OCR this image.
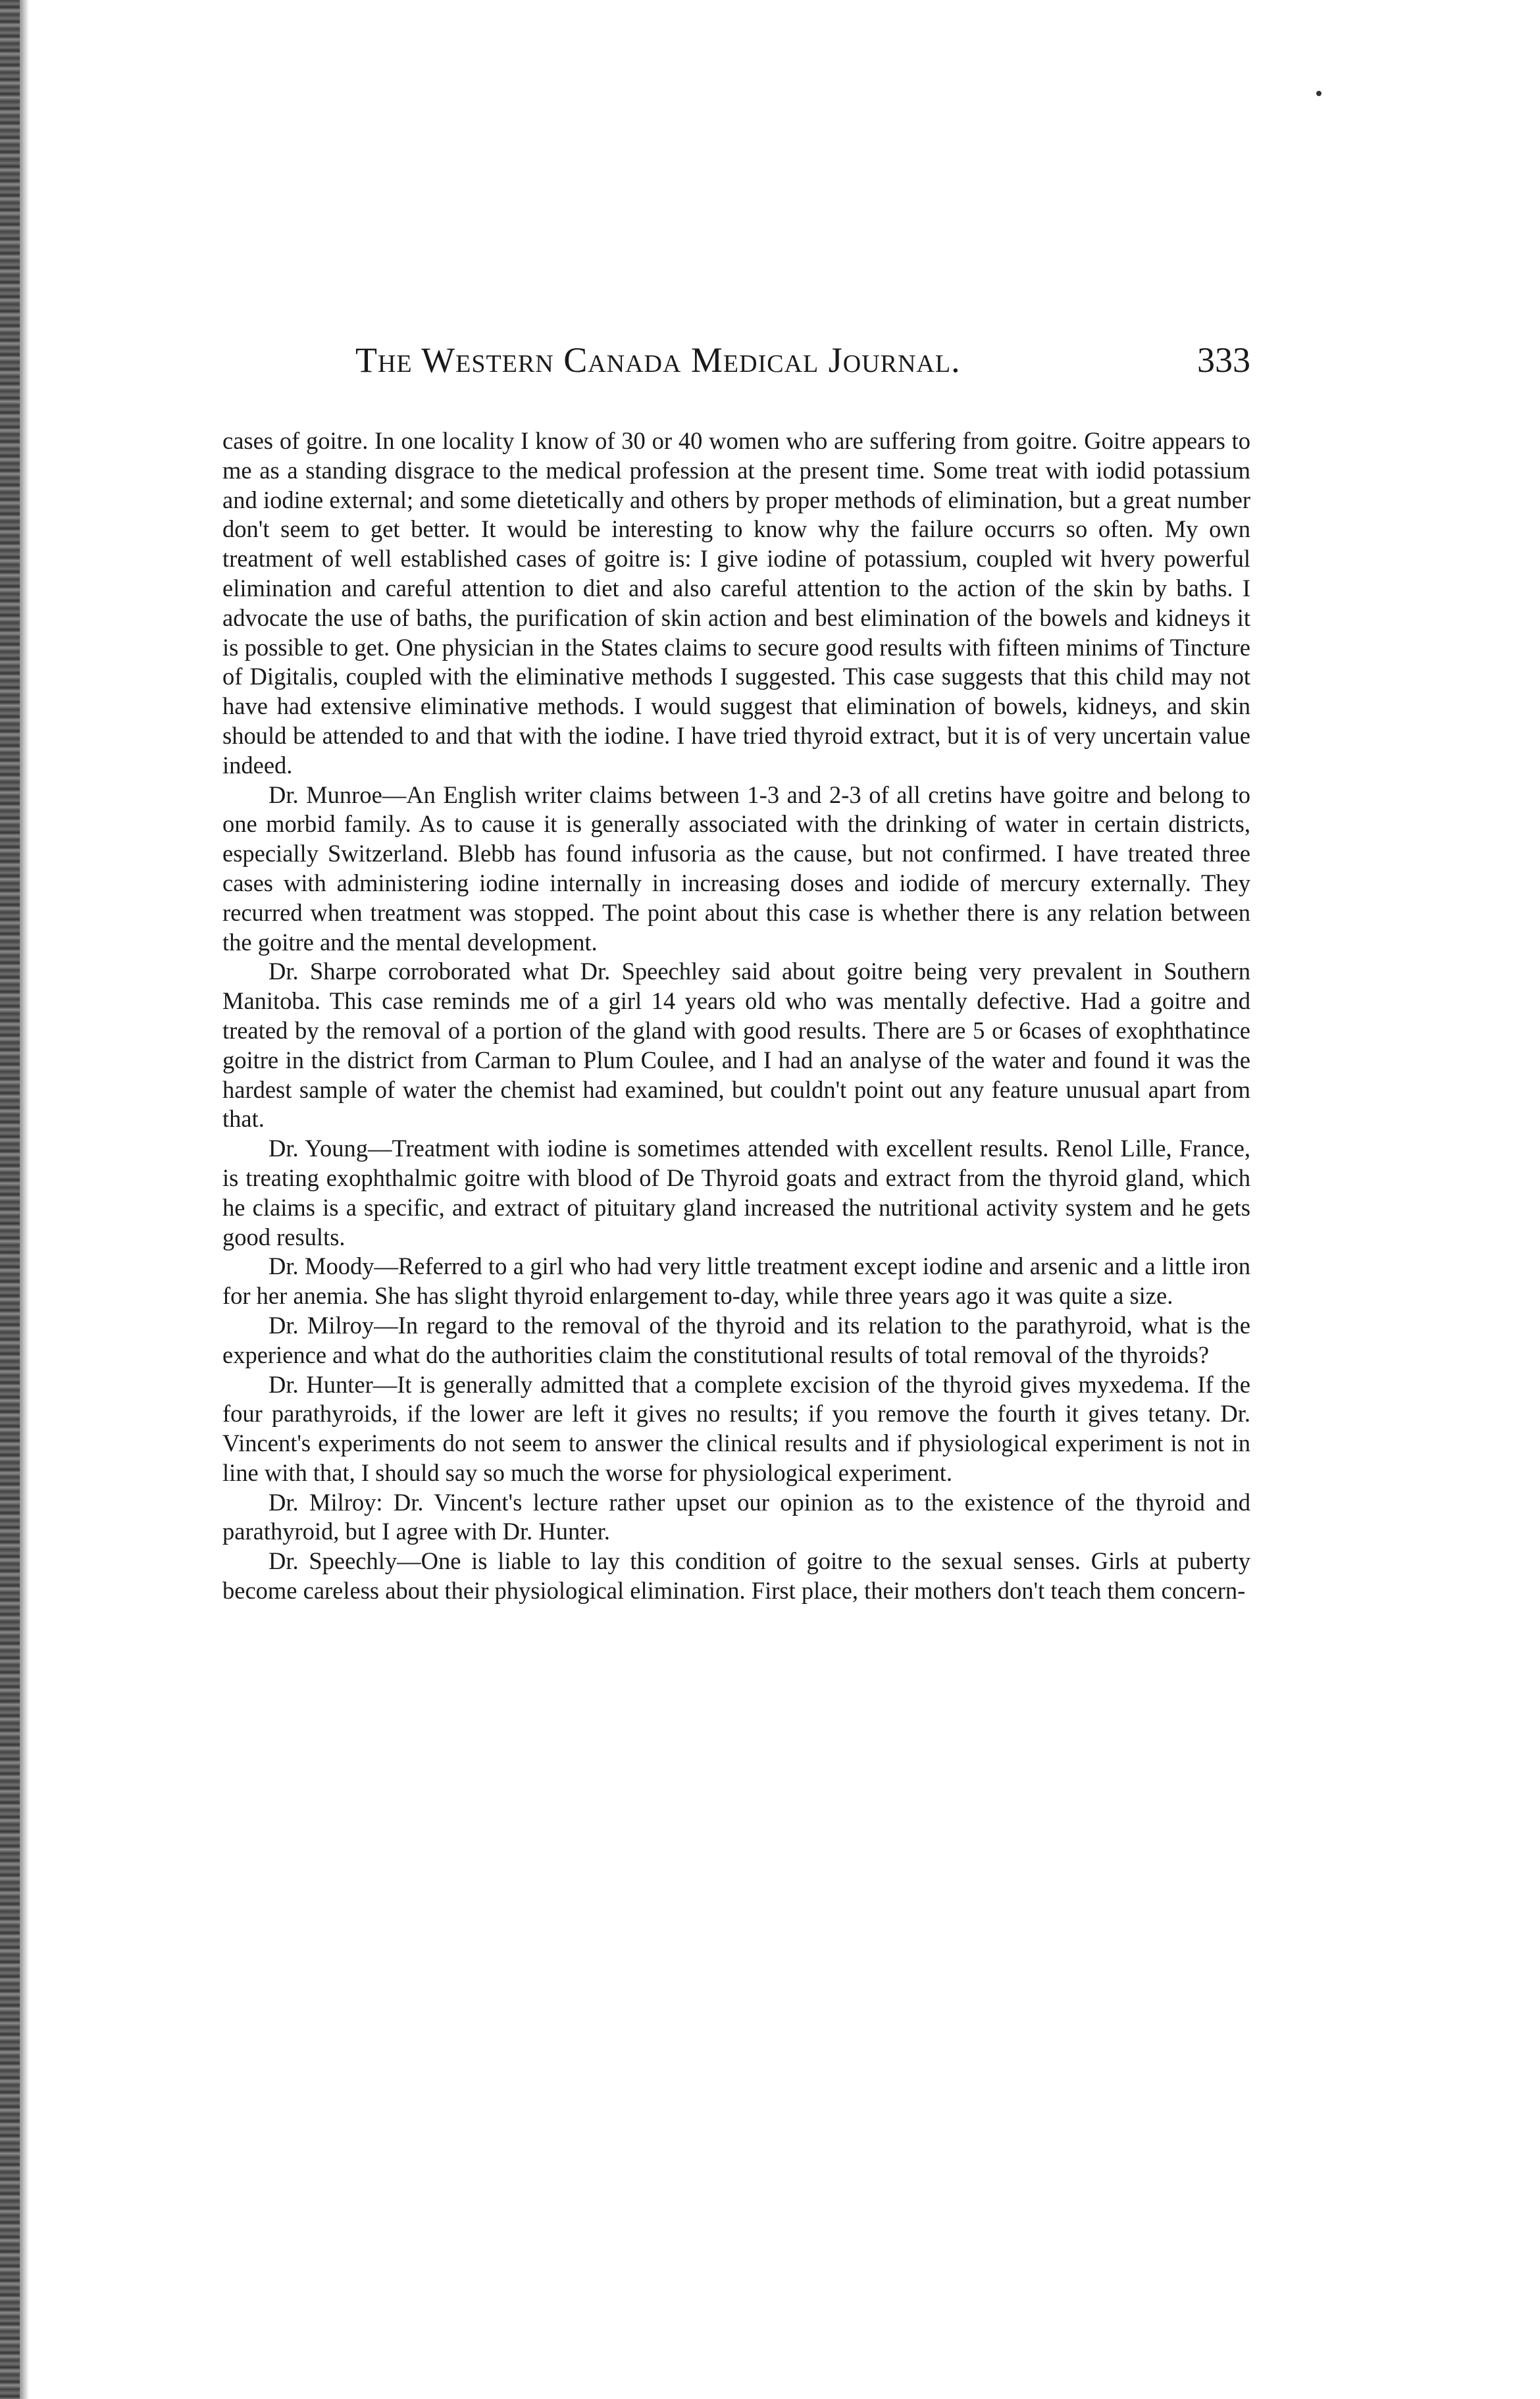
The Western Canada Medical Journal.	333

cases of goitre. In one locality I know of 30 or 40 women who are suffering from goitre. Goitre appears to me as a standing disgrace to the medical profession at the present time. Some treat with iodid potassium and iodine external; and some dietetically and others by proper methods of elimination, but a great number don't seem to get better. It would be interesting to know why the failure occurrs so often. My own treatment of well established cases of goitre is: I give iodine of potassium, coupled wit hvery powerful elimination and careful attention to diet and also careful attention to the action of the skin by baths. I advocate the use of baths, the purification of skin action and best elimination of the bowels and kidneys it is possible to get. One physician in the States claims to secure good results with fifteen minims of Tincture of Digitalis, coupled with the eliminative methods I suggested. This case suggests that this child may not have had extensive eliminative methods. I would suggest that elimination of bowels, kidneys, and skin should be attended to and that with the iodine. I have tried thyroid extract, but it is of very uncertain value indeed.

Dr. Munroe—An English writer claims between 1-3 and 2-3 of all cretins have goitre and belong to one morbid family. As to cause it is generally associated with the drinking of water in certain districts, especially Switzerland. Blebb has found infusoria as the cause, but not confirmed. I have treated three cases with administering iodine internally in increasing doses and iodide of mercury externally. They recurred when treatment was stopped. The point about this case is whether there is any relation between the goitre and the mental development.

Dr. Sharpe corroborated what Dr. Speechley said about goitre being very prevalent in Southern Manitoba. This case reminds me of a girl 14 years old who was mentally defective. Had a goitre and treated by the removal of a portion of the gland with good results. There are 5 or 6cases of exophthatince goitre in the district from Carman to Plum Coulee, and I had an analyse of the water and found it was the hardest sample of water the chemist had examined, but couldn't point out any feature unusual apart from that.

Dr. Young—Treatment with iodine is sometimes attended with excellent results. Renol Lille, France, is treating exophthalmic goitre with blood of De Thyroid goats and extract from the thyroid gland, which he claims is a specific, and extract of pituitary gland increased the nutritional activity system and he gets good results.

Dr. Moody—Referred to a girl who had very little treatment except iodine and arsenic and a little iron for her anemia. She has slight thyroid enlargement to-day, while three years ago it was quite a size.

Dr. Milroy—In regard to the removal of the thyroid and its relation to the parathyroid, what is the experience and what do the authorities claim the constitutional results of total removal of the thyroids?

Dr. Hunter—It is generally admitted that a complete excision of the thyroid gives myxedema. If the four parathyroids, if the lower are left it gives no results; if you remove the fourth it gives tetany. Dr. Vincent's experiments do not seem to answer the clinical results and if physiological experiment is not in line with that, I should say so much the worse for physiological experiment.

Dr. Milroy: Dr. Vincent's lecture rather upset our opinion as to the existence of the thyroid and parathyroid, but I agree with Dr. Hunter.

Dr. Speechly—One is liable to lay this condition of goitre to the sexual senses. Girls at puberty become careless about their physiological elimination. First place, their mothers don't teach them concern-
